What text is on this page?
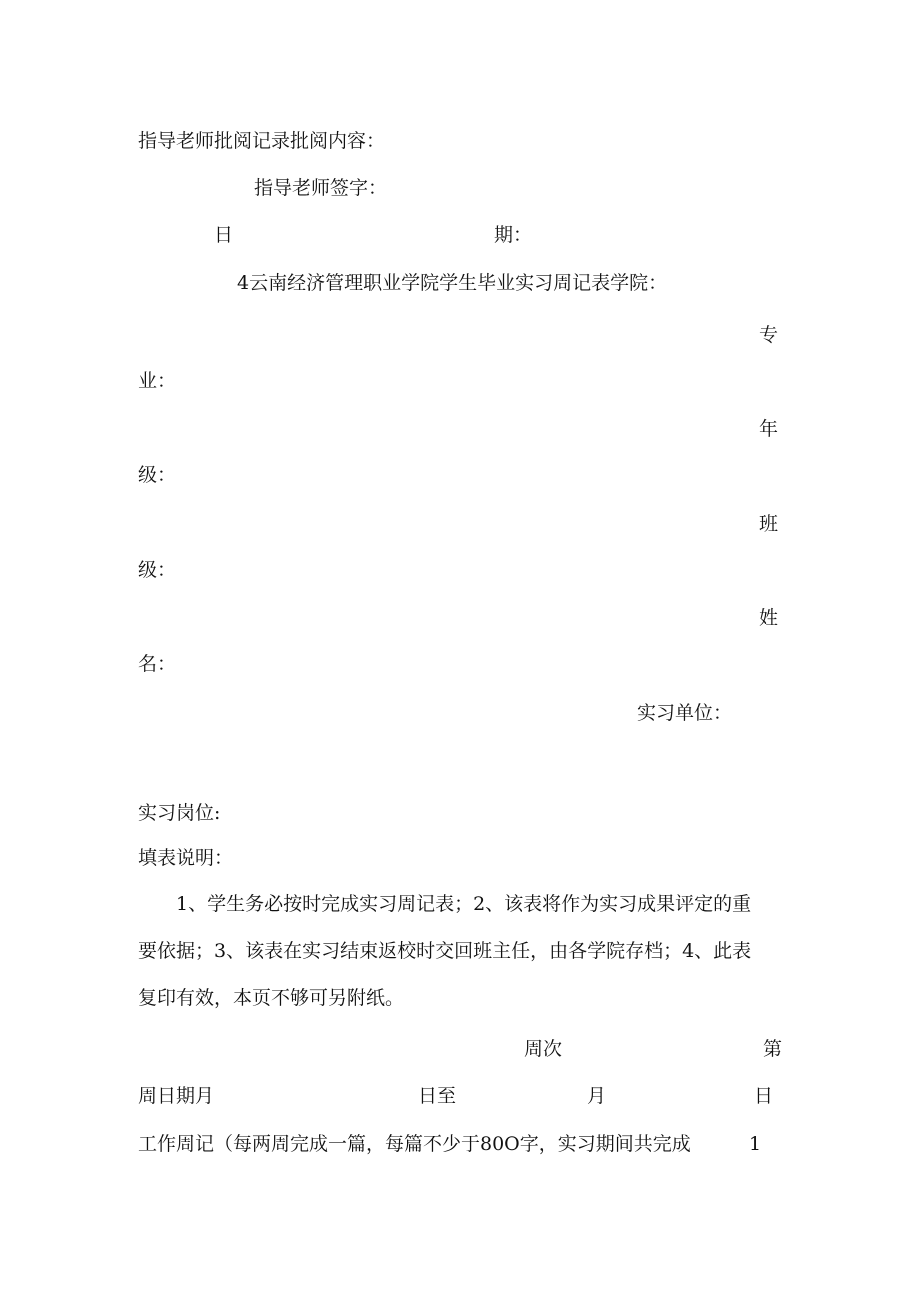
指导老师批阅记录批阅内容：
指导老师签字：
日	期：
4云南经济管理职业学院学生毕业实习周记表学院：
专
业：
年
级：
班
级：
姓
名：
实习单位：
实习岗位:
填表说明：
1、学生务必按时完成实习周记表；2、该表将作为实习成果评定的重
要依据；3、该表在实习结束返校时交回班主任，由各学院存档；4、此表
复印有效，本页不够可另附纸。
周次	第
周日期月	日至	月	日
工作周记（每两周完成一篇，每篇不少于80O字，实习期间共完成	1
